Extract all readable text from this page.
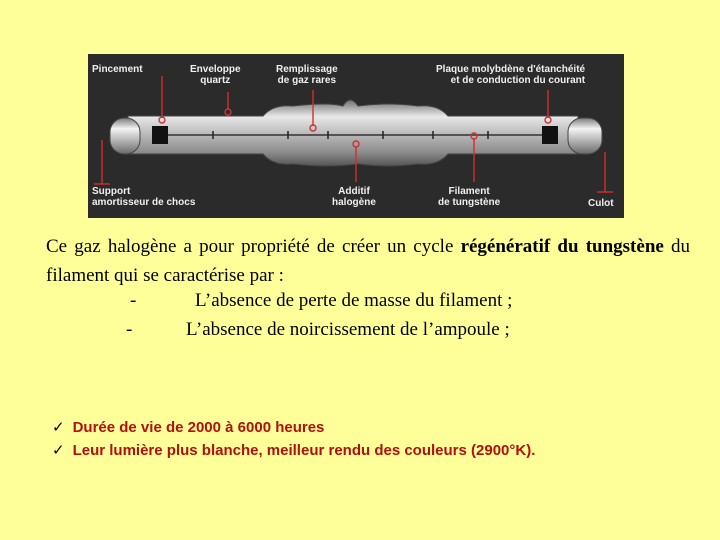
Pincement	Enveloppe
quartz
Remplissage
de gaz rares
Plaque molybdène d'étanchéité
et de conduction du courant
Support
amortisseur de chocs
Additif
halogène
Filament
de tungstène	Culot
Ce gaz halogène a pour propriété de créer un cycle régénératif du tungstène du filament qui se caractérise par :
-	L’absence de perte de masse du filament ;
-	L’absence de noircissement de l’ampoule ;
✓ Durée de vie de 2000 à 6000 heures
✓ Leur lumière plus blanche, meilleur rendu des couleurs (2900°K).
